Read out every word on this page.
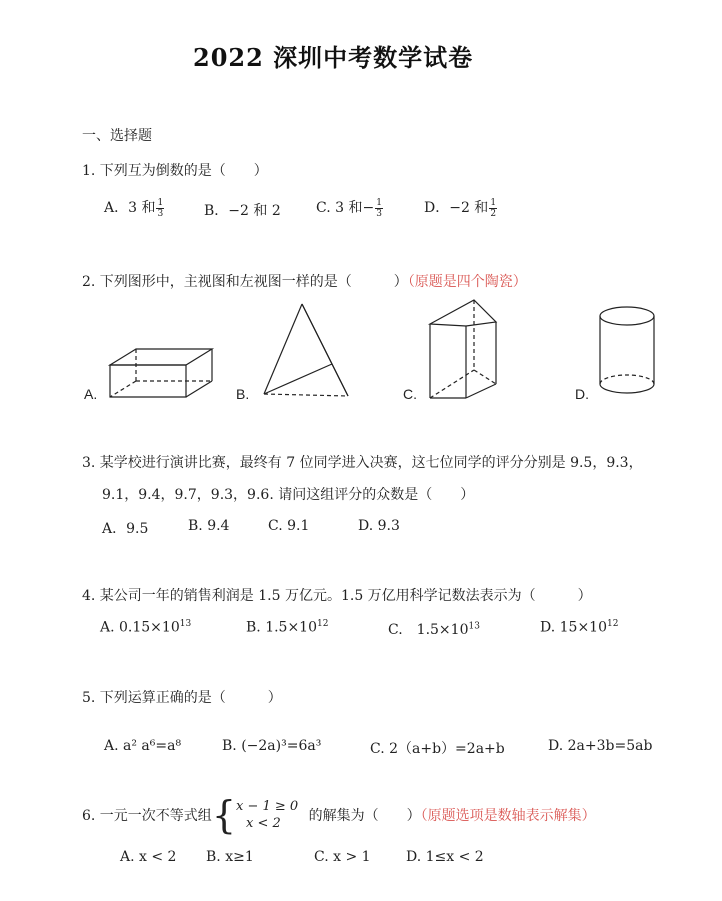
2022 深圳中考数学试卷
一、选择题
1. 下列互为倒数的是（　　）
A．3 和 $\frac{1}{3}$	B．−2 和 2	C. 3 和− $\frac{1}{3}$	D．−2 和 $\frac{1}{2}$
2. 下列图形中，主视图和左视图一样的是（　　　）（原题是四个陶瓷）
A.	B.	C.	D.
3. 某学校进行演讲比赛，最终有 7 位同学进入决赛，这七位同学的评分分别是 9.5，9.3，
9.1，9.4，9.7，9.3，9.6. 请问这组评分的众数是（　　）
A．9.5	B. 9.4	C. 9.1	D. 9.3
4. 某公司一年的销售利润是 1.5 万亿元。1.5 万亿用科学记数法表示为（　　　）
A. $0.15\times 10^{13}$	B. $1.5\times 10^{12}$	C.　$1.5\times 10^{13}$	D. $15\times 10^{12}$
5. 下列运算正确的是（　　　）
A. a² a⁶=a⁸	B. (−2a)³=6a³	C. 2（a+b）=2a+b	D. 2a+3b=5ab
6. 一元一次不等式组{ x − 1 ≥ 0
x < 2	的解集为（　　）（原题选项是数轴表示解集）
A. x < 2 B. x≥1	C. x > 1	D. 1≤x < 2
